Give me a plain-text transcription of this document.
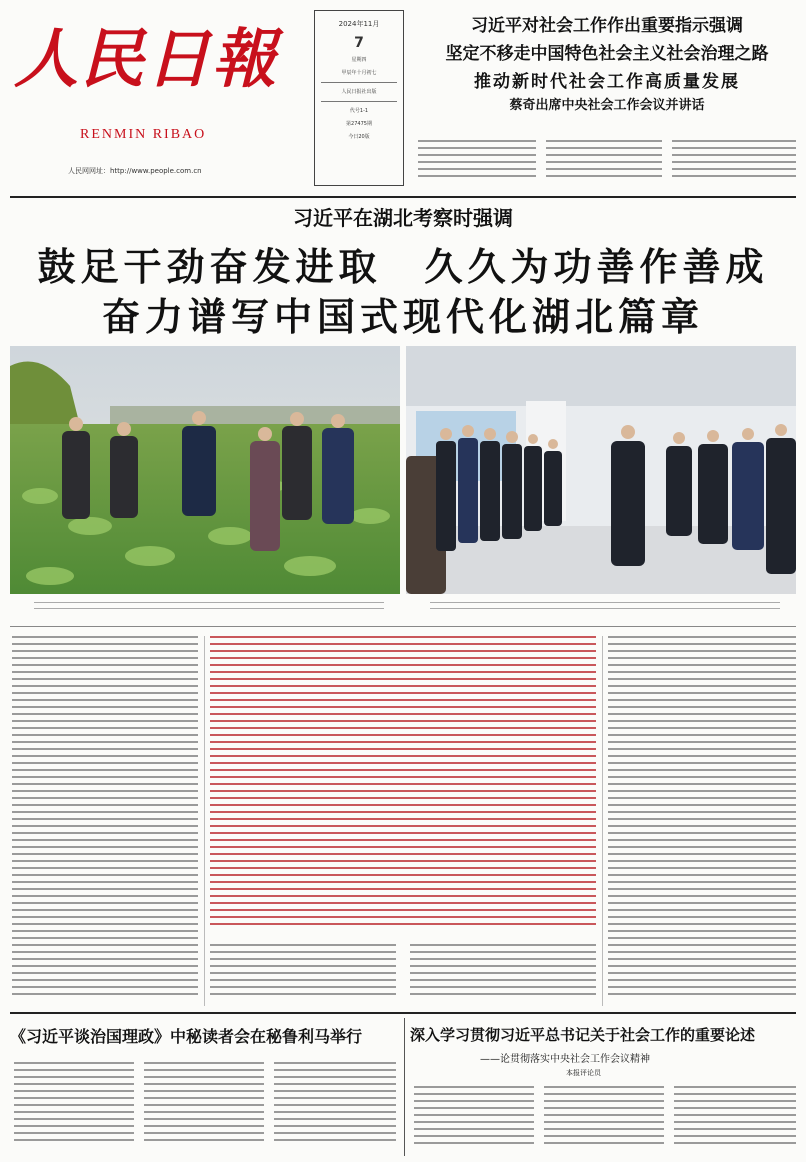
人民日報
RENMIN RIBAO
人民网网址：http://www.people.com.cn
2024年11月
7
星期四
甲辰年十月初七
人民日报社出版
代号1-1
第27475期
今日20版
习近平对社会工作作出重要指示强调
坚定不移走中国特色社会主义社会治理之路
推动新时代社会工作高质量发展
蔡奇出席中央社会工作会议并讲话
习近平在湖北考察时强调
鼓足干劲奋发进取　久久为功善作善成
奋力谱写中国式现代化湖北篇章
《习近平谈治国理政》中秘读者会在秘鲁利马举行	深入学习贯彻习近平总书记关于社会工作的重要论述
——论贯彻落实中央社会工作会议精神
本报评论员
